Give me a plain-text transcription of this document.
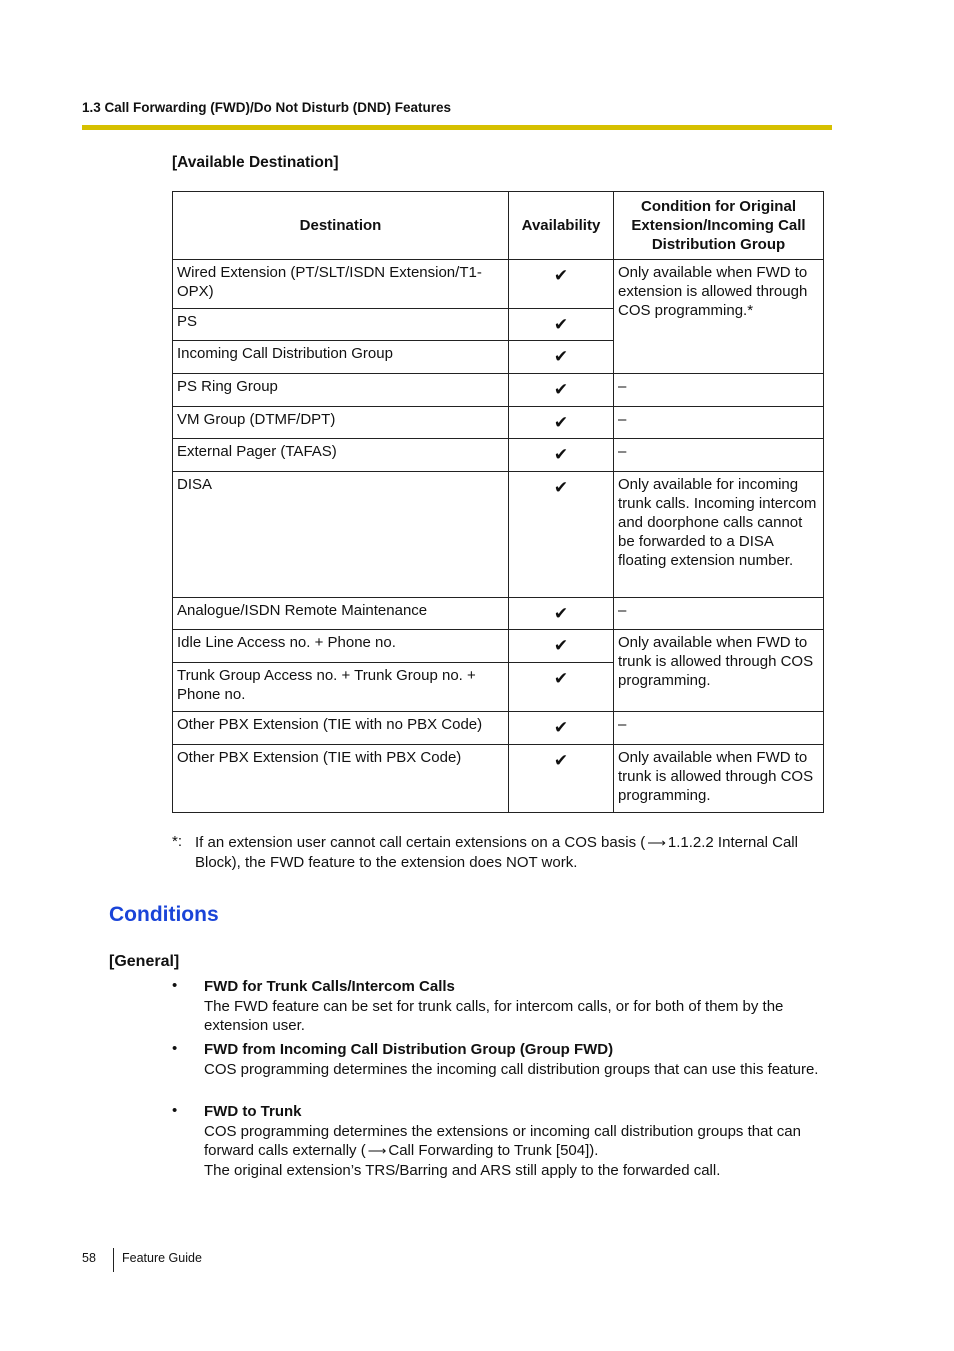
1.3 Call Forwarding (FWD)/Do Not Disturb (DND) Features
[Available Destination]
Destination	Availability	Condition for Original Extension/Incoming Call Distribution Group
Wired Extension (PT/SLT/ISDN Extension/T1-OPX)	✔	Only available when FWD to extension is allowed through COS programming.*
PS	✔	
Incoming Call Distribution Group	✔	
PS Ring Group	✔	–
VM Group (DTMF/DPT)	✔	–
External Pager (TAFAS)	✔	–
DISA	✔	Only available for incoming trunk calls. Incoming intercom and doorphone calls cannot be forwarded to a DISA floating extension number.
Analogue/ISDN Remote Maintenance	✔	–
Idle Line Access no. + Phone no.	✔	Only available when FWD to trunk is allowed through COS programming.
Trunk Group Access no. + Trunk Group no. + Phone no.	✔	
Other PBX Extension (TIE with no PBX Code)	✔	–
Other PBX Extension (TIE with PBX Code)	✔	Only available when FWD to trunk is allowed through COS programming.
*: If an extension user cannot call certain extensions on a COS basis ( ⟶ 1.1.2.2 Internal Call Block), the FWD feature to the extension does NOT work.
Conditions
[General]
• FWD for Trunk Calls/Intercom Calls
The FWD feature can be set for trunk calls, for intercom calls, or for both of them by the extension user.
• FWD from Incoming Call Distribution Group (Group FWD)
COS programming determines the incoming call distribution groups that can use this feature.
• FWD to Trunk
COS programming determines the extensions or incoming call distribution groups that can forward calls externally ( ⟶ Call Forwarding to Trunk [504]).
The original extension’s TRS/Barring and ARS still apply to the forwarded call.
58 Feature Guide
